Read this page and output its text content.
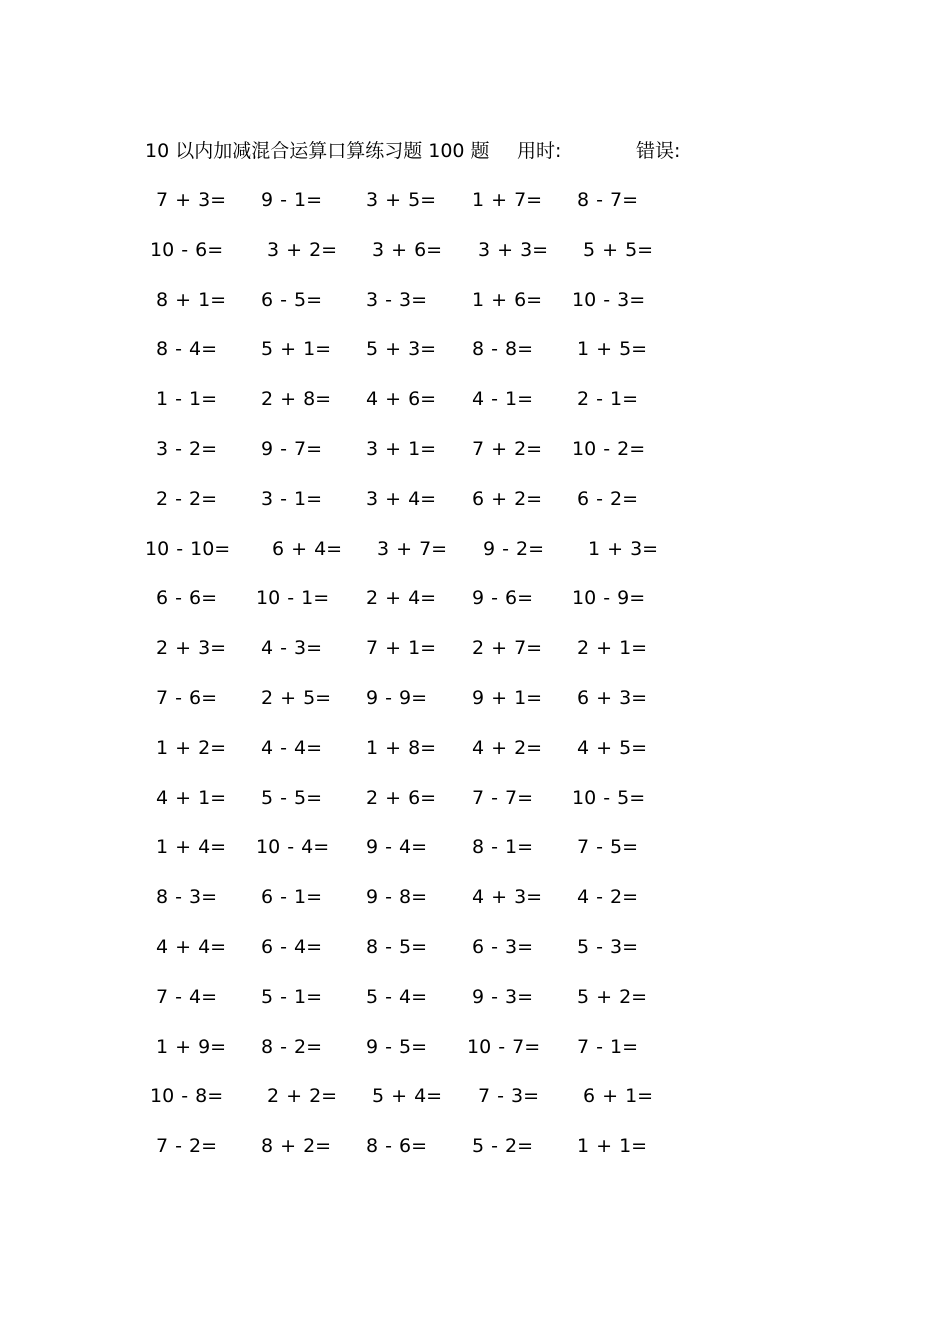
10 以内加减混合运算口算练习题 100 题 用时:	错误:
7 + 3= 9 - 1= 3 + 5= 1 + 7= 8 - 7=
10 - 6= 3 + 2= 3 + 6= 3 + 3= 5 + 5=
8 + 1= 6 - 5= 3 - 3= 1 + 6= 10 - 3=
8 - 4= 5 + 1= 5 + 3= 8 - 8= 1 + 5=
1 - 1= 2 + 8= 4 + 6= 4 - 1= 2 - 1=
3 - 2= 9 - 7= 3 + 1= 7 + 2= 10 - 2=
2 - 2= 3 - 1= 3 + 4= 6 + 2= 6 - 2=
10 - 10= 6 + 4= 3 + 7= 9 - 2= 1 + 3=
6 - 6= 10 - 1= 2 + 4= 9 - 6= 10 - 9=
2 + 3= 4 - 3= 7 + 1= 2 + 7= 2 + 1=
7 - 6= 2 + 5= 9 - 9= 9 + 1= 6 + 3=
1 + 2= 4 - 4= 1 + 8= 4 + 2= 4 + 5=
4 + 1= 5 - 5= 2 + 6= 7 - 7= 10 - 5=
1 + 4= 10 - 4= 9 - 4= 8 - 1= 7 - 5=
8 - 3= 6 - 1= 9 - 8= 4 + 3= 4 - 2=
4 + 4= 6 - 4= 8 - 5= 6 - 3= 5 - 3=
7 - 4= 5 - 1= 5 - 4= 9 - 3= 5 + 2=
1 + 9= 8 - 2= 9 - 5= 10 - 7= 7 - 1=
10 - 8= 2 + 2= 5 + 4= 7 - 3= 6 + 1=
7 - 2= 8 + 2= 8 - 6= 5 - 2= 1 + 1=
